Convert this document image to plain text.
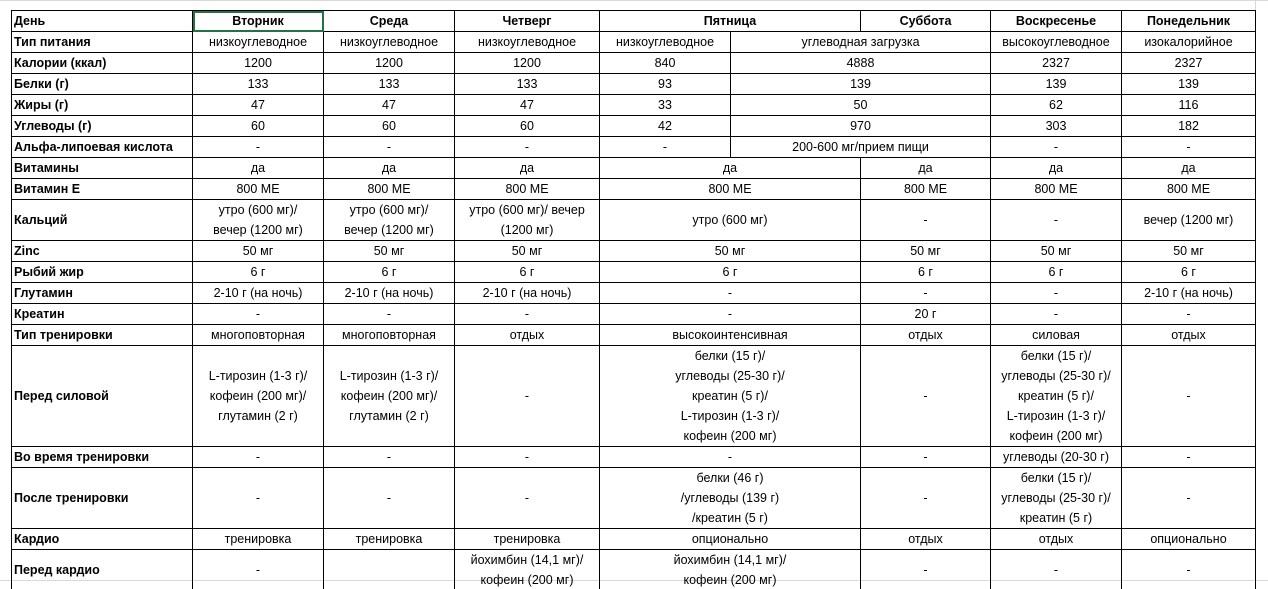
День	Вторник	Среда	Четверг	Пятница		Суббота	Воскресенье	Понедельник
Тип питания	низкоуглеводное	низкоуглеводное	низкоуглеводное	низкоуглеводное	углеводная загрузка		высокоуглеводное	изокалорийное
Калории (ккал)	1200	1200	1200	840	4888		2327	2327
Белки (г)	133	133	133	93	139		139	139
Жиры (г)	47	47	47	33	50		62	116
Углеводы (г)	60	60	60	42	970		303	182
Альфа-липоевая кислота	-	-	-	-	200-600 мг/прием пищи		-	-
Витамины	да	да	да	да		да	да	да
Витамин Е	800 МЕ	800 МЕ	800 МЕ	800 МЕ		800 МЕ	800 МЕ	800 МЕ
Кальций	утро (600 мг)/
вечер (1200 мг)	утро (600 мг)/
вечер (1200 мг)	утро (600 мг)/ вечер
(1200 мг)	утро (600 мг)		-	-	вечер (1200 мг)

Zinc	50 мг	50 мг	50 мг	50 мг		50 мг	50 мг	50 мг
Рыбий жир	6 г	6 г	6 г	6 г		6 г	6 г	6 г
Глутамин	2-10 г (на ночь)	2-10 г (на ночь)	2-10 г (на ночь)	-		-	-	2-10 г (на ночь)
Креатин	-	-	-	-		20 г	-	-
Тип тренировки	многоповторная	многоповторная	отдых	высокоинтенсивная		отдых	силовая	отдых
Перед силовой	L-тирозин (1-3 г)/
кофеин (200 мг)/
глутамин (2 г)	L-тирозин (1-3 г)/
кофеин (200 мг)/
глутамин (2 г)	-	белки (15 г)/
углеводы (25-30 г)/
креатин (5 г)/
L-тирозин (1-3 г)/
кофеин (200 мг)		-	белки (15 г)/
углеводы (25-30 г)/
креатин (5 г)/
L-тирозин (1-3 г)/
кофеин (200 мг)	-

Во время тренировки	-	-	-	-		-	углеводы (20-30 г)	-
После тренировки	-	-	-	белки (46 г)
/углеводы (139 г)
/креатин (5 г)		-	белки (15 г)/
углеводы (25-30 г)/
креатин (5 г)	-

Кардио	тренировка	тренировка	тренировка	опционально		отдых	отдых	опционально
Перед кардио	-		йохимбин (14,1 мг)/
кофеин (200 мг)	йохимбин (14,1 мг)/
кофеин (200 мг)		-	-	-
